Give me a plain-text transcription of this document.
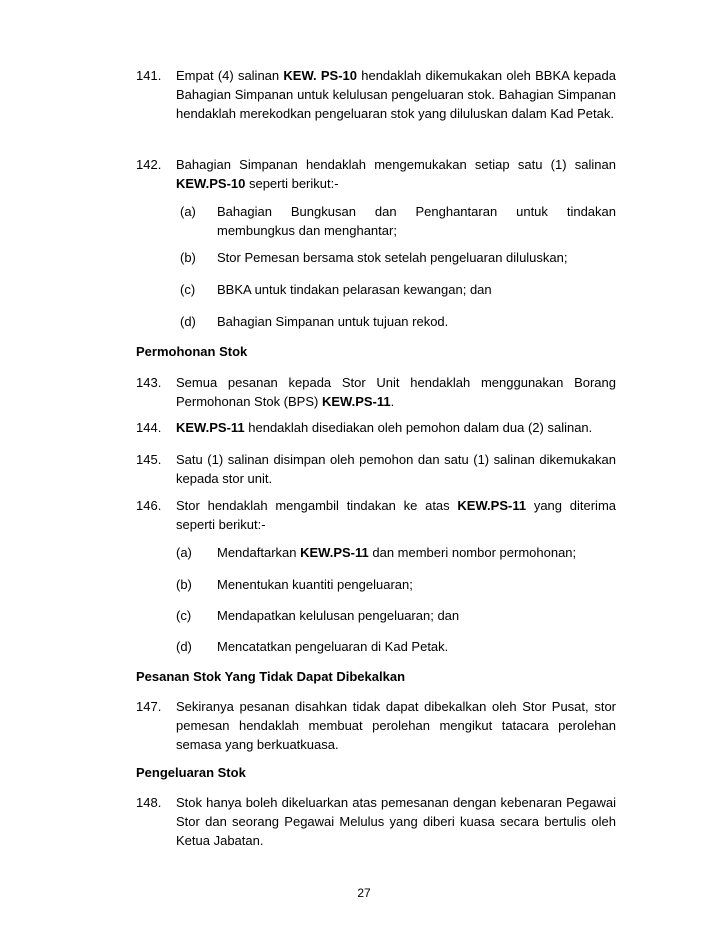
141.	Empat (4) salinan KEW. PS-10 hendaklah dikemukakan oleh BBKA kepada Bahagian Simpanan untuk kelulusan pengeluaran stok. Bahagian Simpanan hendaklah merekodkan pengeluaran stok yang diluluskan dalam Kad Petak.
142.	Bahagian Simpanan hendaklah mengemukakan setiap satu (1) salinan KEW.PS-10 seperti berikut:-
(a) Bahagian Bungkusan dan Penghantaran untuk tindakan membungkus dan menghantar;
(b) Stor Pemesan bersama stok setelah pengeluaran diluluskan;
(c) BBKA untuk tindakan pelarasan kewangan; dan
(d) Bahagian Simpanan untuk tujuan rekod.
Permohonan Stok
143.	Semua pesanan kepada Stor Unit hendaklah menggunakan Borang Permohonan Stok (BPS) KEW.PS-11.
144.	KEW.PS-11 hendaklah disediakan oleh pemohon dalam dua (2) salinan.
145.	Satu (1) salinan disimpan oleh pemohon dan satu (1) salinan dikemukakan kepada stor unit.
146.	Stor hendaklah mengambil tindakan ke atas KEW.PS-11 yang diterima seperti berikut:-
(a) Mendaftarkan KEW.PS-11 dan memberi nombor permohonan;
(b) Menentukan kuantiti pengeluaran;
(c) Mendapatkan kelulusan pengeluaran; dan
(d) Mencatatkan pengeluaran di Kad Petak.
Pesanan Stok Yang Tidak Dapat Dibekalkan
147.	Sekiranya pesanan disahkan tidak dapat dibekalkan oleh Stor Pusat, stor pemesan hendaklah membuat perolehan mengikut tatacara perolehan semasa yang berkuatkuasa.
Pengeluaran Stok
148.	Stok hanya boleh dikeluarkan atas pemesanan dengan kebenaran Pegawai Stor dan seorang Pegawai Melulus yang diberi kuasa secara bertulis oleh Ketua Jabatan.
27
